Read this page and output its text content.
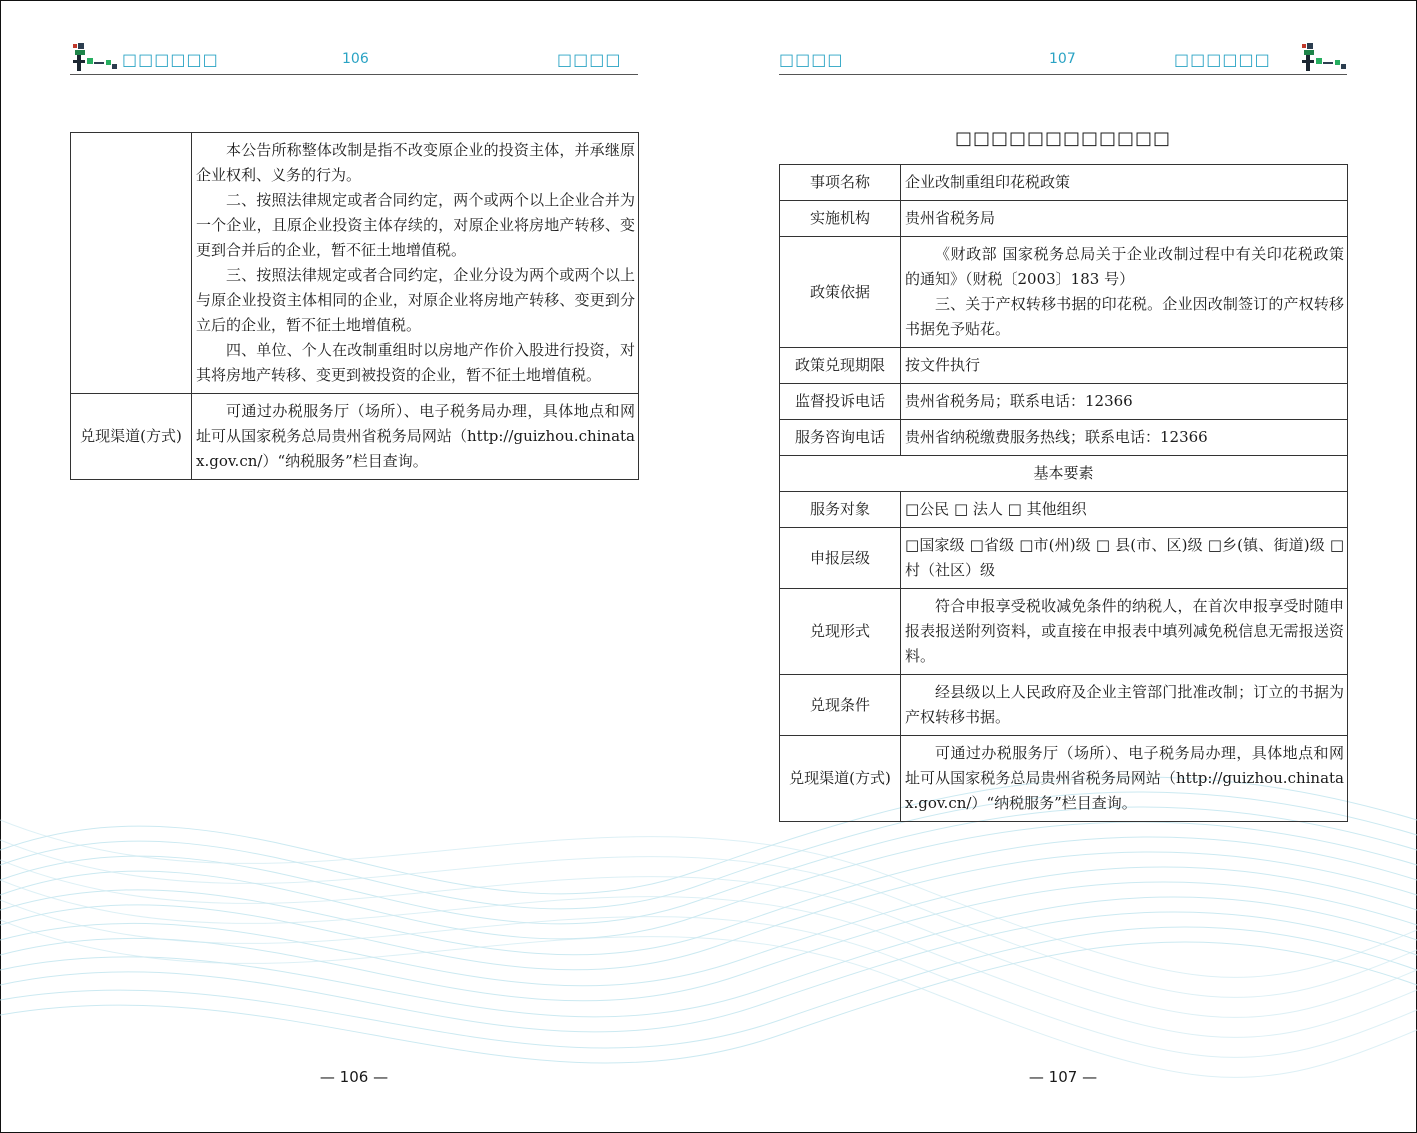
□□□□□□	106	□□□□

	本公告所称整体改制是指不改变原企业的投资主体，并承继原企业权利、义务的行为。

二、按照法律规定或者合同约定，两个或两个以上企业合并为一个企业，且原企业投资主体存续的，对原企业将房地产转移、变更到合并后的企业，暂不征土地增值税。

三、按照法律规定或者合同约定，企业分设为两个或两个以上与原企业投资主体相同的企业，对原企业将房地产转移、变更到分立后的企业，暂不征土地增值税。

四、单位、个人在改制重组时以房地产作价入股进行投资，对其将房地产转移、变更到被投资的企业，暂不征土地增值税。

兑现渠道(方式)	可通过办税服务厅（场所）、电子税务局办理，具体地点和网址可从国家税务总局贵州省税务局网站（http://guizhou.chinatax.gov.cn/）“纳税服务”栏目查询。

— 106 —
□□□□	107	□□□□□□
□□□□□□□□□□□□
事项名称	企业改制重组印花税政策
实施机构	贵州省税务局
政策依据	《财政部 国家税务总局关于企业改制过程中有关印花税政策的通知》（财税〔2003〕183 号）

三、关于产权转移书据的印花税。企业因改制签订的产权转移书据免予贴花。

政策兑现期限	按文件执行
监督投诉电话	贵州省税务局；联系电话：12366
服务咨询电话	贵州省纳税缴费服务热线；联系电话：12366
基本要素	
服务对象	□公民 □ 法人 □ 其他组织
申报层级	□国家级 □省级 □市(州)级 □ 县(市、区)级 □乡(镇、街道)级 □村（社区）级

兑现形式	符合申报享受税收减免条件的纳税人，在首次申报享受时随申报表报送附列资料，或直接在申报表中填列减免税信息无需报送资料。

兑现条件	经县级以上人民政府及企业主管部门批准改制；订立的书据为产权转移书据。

兑现渠道(方式)	可通过办税服务厅（场所）、电子税务局办理，具体地点和网址可从国家税务总局贵州省税务局网站（http://guizhou.chinatax.gov.cn/）“纳税服务”栏目查询。

— 107 —
